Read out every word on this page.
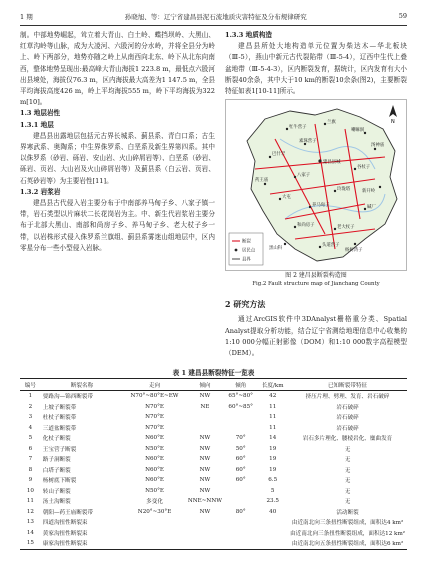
1 期	孙晓旭、等：辽宁省建昌县泥石流地质灾害特征及分布规律研究	59

制。中部地势崛起，耸立着大青山、白土岭、蝶挡坝岭、大黑山、红草沟岭等山脉，成为大凌河、六股河的分水岭，并将全县分为岭上、岭下两部分，地势亦随之岭上从南西向北东、岭下从北东向南西，整体地势呈现出:最高峰大青山海拔1 223.8 m，最低点六股河出县境处，海拔仅76.3 m，区内海拔最大高差为1 147.5 m，全县平均海拔高度426 m，岭上平均海拔555 m，岭下平均海拔为322 m[10]。

1.3 地层岩性

1.3.1 地层

建昌县出露地层包括元古界长城系、蓟县系、青白口系；古生界寒武系、奥陶系；中生界侏罗系、白垩系及新生界第四系。其中以侏罗系（砂岩、砾岩、安山岩、火山碎屑岩等）、白垩系（砂岩、砾岩、页岩、大山岩及火山碎屑岩等）及蓟县系（白云岩、页岩、石英砂岩等）为主要岩性[11]。

1.3.2 岩浆岩

建昌县古代侵入岩主要分布于中南部养马甸子乡、八家子镇一带，岩石类型以片麻状二长花岗岩为主。中、新生代岩浆岩主要分布于北部大黑山、南部和尚房子乡、养马甸子乡、老大杖子乡一带，以岩株形式侵入侏罗系兰旗组、蓟县系雾迷山组地层中，区内零星分布一些小型侵入岩脉。

1.3.3 地质构造

建昌县所处大地构造单元位置为柴达木—华北板块（Ⅲ-5），燕山中新元古代裂陷带（Ⅲ-5-4），辽西中生代上叠盆地带（Ⅲ-5-4-3），区内断裂发育，据统计，区内发育有大小断裂40余条，其中大于10 km的断裂10余条(图2)，主要断裂特征如表1[10-11]所示。

牤牛营子
兰旗
喇嘛洞
建昌县城
八家子
谷杖子
巴什罕
新开岭
玲珑塔
大屯
养马甸子	碱厂
和尚房子	老大杖子
头道营子
杨树湾子
药王庙
素珠营子
汤神庙
黑山科
断裂
居民点
县界
N
图 2 建昌县断裂构造图
Fig.2 Fault structure map of Jianchang County
2 研究方法

通过ArcGIS软件中3DAnalyst栅格重分类、Spatial Analyst提取分析功能，结合辽宁省测绘地理信息中心收集的1:10 000分幅正射影像（DOM）和1:10 000数字高程模型（DEM）。

表 1 建昌县断裂特征一览表
编号	断裂名称	走向	倾向	倾角	长度/km	已知断裂带特征
1	要路沟—锦西断裂带	N70°~80°E~EW	NW	65°~80°	42	挤压片理、劈理、发育、岩石破碎
2	上坡子断裂带	N70°E	NE	60°~85°	11	岩石破碎
3	杜杖子断裂带	N70°E			11	岩石破碎
4	三道盆断裂带	N70°E			11	岩石破碎
5	化杖子断裂	N60°E	NW	70°	14	岩石多片理化、腰棱岩化、糜曲发育
6	王宝营子断裂	N50°E	NW	50°	19	无
7	路子洞断裂	N60°E	NW	60°	19	无
8	白塔子断裂	N60°E	NW	60°	19	无
9	杨树底下断裂	N60°E	NW	60°	6.5	无
10	转山子断裂	N50°E	NW		5	无
11	汤土沟断裂	多变化	NNE~NNW		23.5	无
12	朝阳—药王庙断裂带	N20°~30°E	NW	80°	40	活动断裂
13	四道沟扭性断裂束					由近南北向三条扭性断裂组成，面积达4 km²
14	黄家沟扭性断裂束					由近南北向三条扭性断裂组成，面积达12 km²
15	康家沟扭性断裂束					由近南北向五条扭性断裂组成，面积达6 km²
